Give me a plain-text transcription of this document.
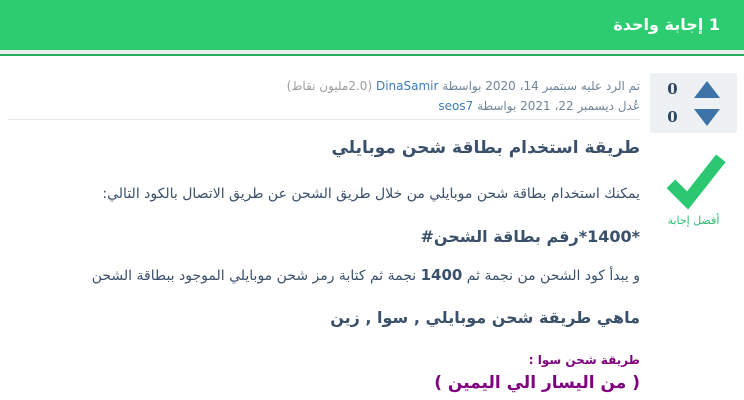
1 إجابة واحدة
0
0
أفضل إجابة
تم الرد عليه سبتمبر 14، 2020 بواسطة DinaSamir (2.0مليون نقاط)
عُدل ديسمبر 22، 2021 بواسطة seos7
طريقة استخدام بطاقة شحن موبايلي

يمكنك استخدام بطاقة شحن موبايلي من خلال طريق الشحن عن طريق الاتصال بالكود التالي:

*1400*رقم بطاقة الشحن#

و يبدأ كود الشحن من نجمة ثم 1400 نجمة ثم كتابة رمز شحن موبايلي الموجود ببطاقة الشحن

ماهي طريقة شحن موبايلي , سوا , زين

طريقة شحن سوا :

( من اليسار الي اليمين )
